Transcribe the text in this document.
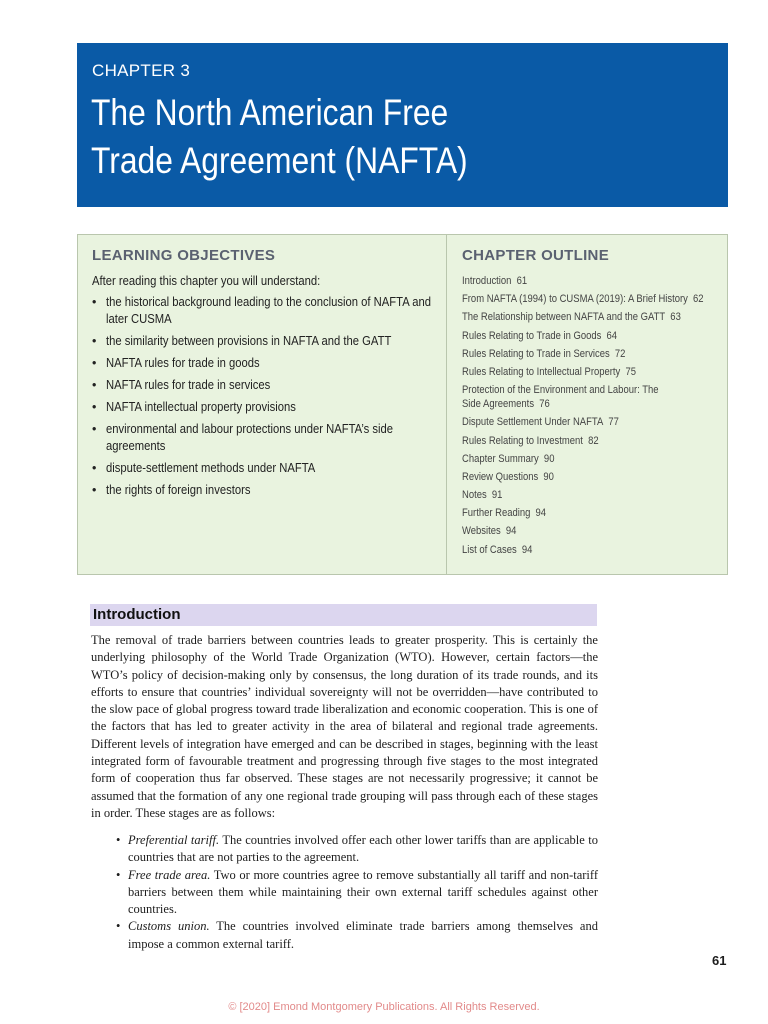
CHAPTER 3
The North American Free
Trade Agreement (NAFTA)
LEARNING OBJECTIVES
After reading this chapter you will understand:
• the historical background leading to the conclusion of NAFTA and later CUSMA
• the similarity between provisions in NAFTA and the GATT
• NAFTA rules for trade in goods
• NAFTA rules for trade in services
• NAFTA intellectual property provisions
• environmental and labour protections under NAFTA’s side agreements
• dispute-settlement methods under NAFTA
• the rights of foreign investors
CHAPTER OUTLINE
Introduction 61
From NAFTA (1994) to CUSMA (2019): A Brief History 62
The Relationship between NAFTA and the GATT 63
Rules Relating to Trade in Goods 64
Rules Relating to Trade in Services 72
Rules Relating to Intellectual Property 75
Protection of the Environment and Labour: The Side Agreements 76
Dispute Settlement Under NAFTA 77
Rules Relating to Investment 82
Chapter Summary 90
Review Questions 90
Notes 91
Further Reading 94
Websites 94
List of Cases 94
Introduction

The removal of trade barriers between countries leads to greater prosperity. This is certainly the underlying philosophy of the World Trade Organization (WTO). However, certain factors—the WTO’s policy of decision-making only by consensus, the long duration of its trade rounds, and its efforts to ensure that countries’ individual sovereignty will not be overridden—have contributed to the slow pace of global progress toward trade liberalization and economic cooperation. This is one of the factors that has led to greater activity in the area of bilateral and regional trade agreements. Different levels of integration have emerged and can be described in stages, beginning with the least integrated form of favourable treatment and progressing through five stages to the most integrated form of cooperation thus far observed. These stages are not necessarily progressive; it cannot be assumed that the formation of any one regional trade grouping will pass through each of these stages in order. These stages are as follows:

• Preferential tariff. The countries involved offer each other lower tariffs than are applicable to countries that are not parties to the agreement.
• Free trade area. Two or more countries agree to remove substantially all tariff and non-tariff barriers between them while maintaining their own external tariff schedules against other countries.
• Customs union. The countries involved eliminate trade barriers among themselves and impose a common external tariff.
61
© [2020] Emond Montgomery Publications. All Rights Reserved.
